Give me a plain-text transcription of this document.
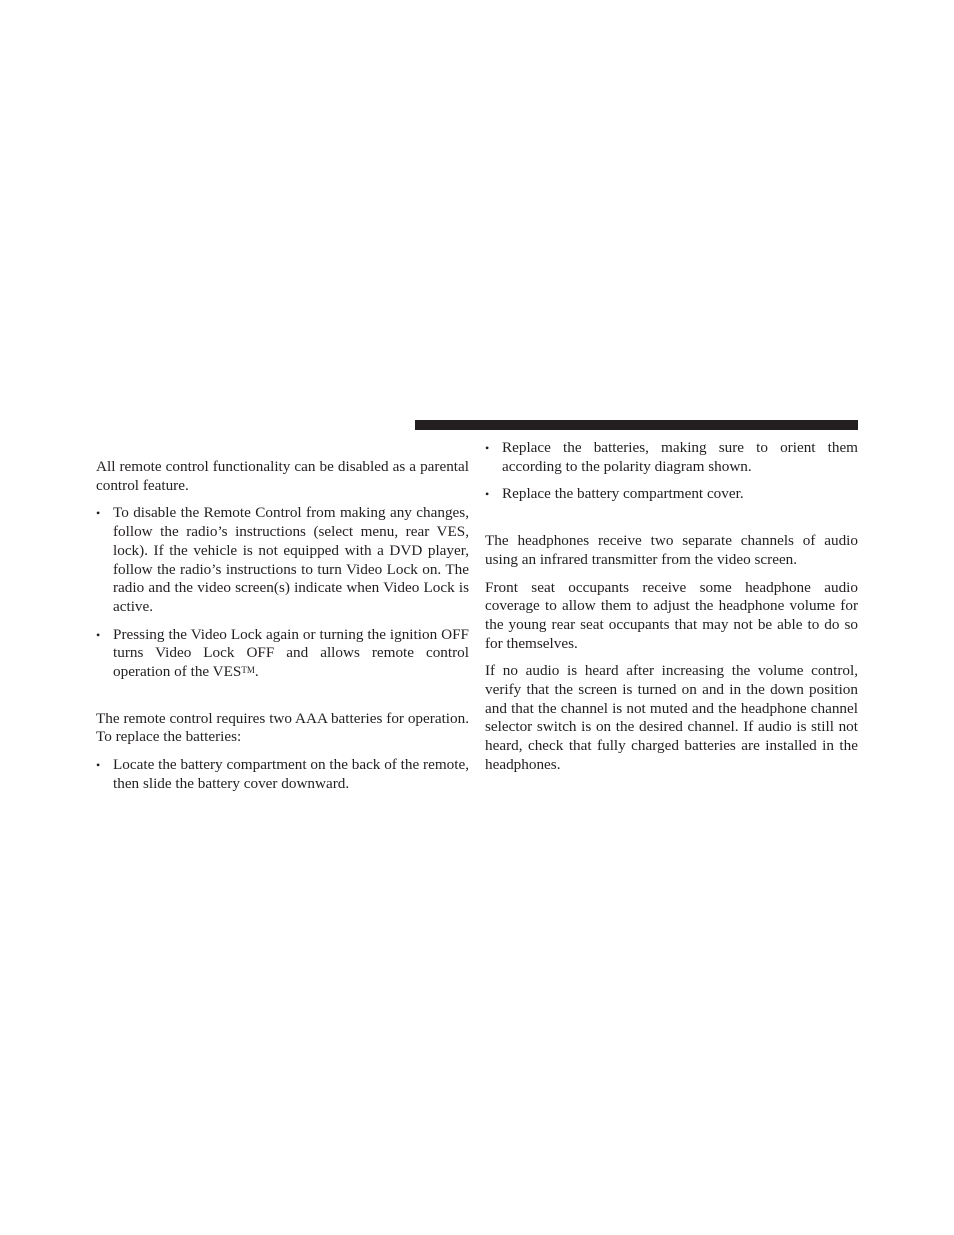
All remote control functionality can be disabled as a parental control feature.

• To disable the Remote Control from making any changes, follow the radio’s instructions (select menu, rear VES, lock). If the vehicle is not equipped with a DVD player, follow the radio’s instructions to turn Video Lock on. The radio and the video screen(s) indicate when Video Lock is active.
• Pressing the Video Lock again or turning the ignition OFF turns Video Lock OFF and allows remote control operation of the VES™.

The remote control requires two AAA batteries for operation. To replace the batteries:

• Locate the battery compartment on the back of the remote, then slide the battery cover downward.
• Replace the batteries, making sure to orient them according to the polarity diagram shown.
• Replace the battery compartment cover.

The headphones receive two separate channels of audio using an infrared transmitter from the video screen.

Front seat occupants receive some headphone audio coverage to allow them to adjust the headphone volume for the young rear seat occupants that may not be able to do so for themselves.

If no audio is heard after increasing the volume control, verify that the screen is turned on and in the down position and that the channel is not muted and the headphone channel selector switch is on the desired channel. If audio is still not heard, check that fully charged batteries are installed in the headphones.
